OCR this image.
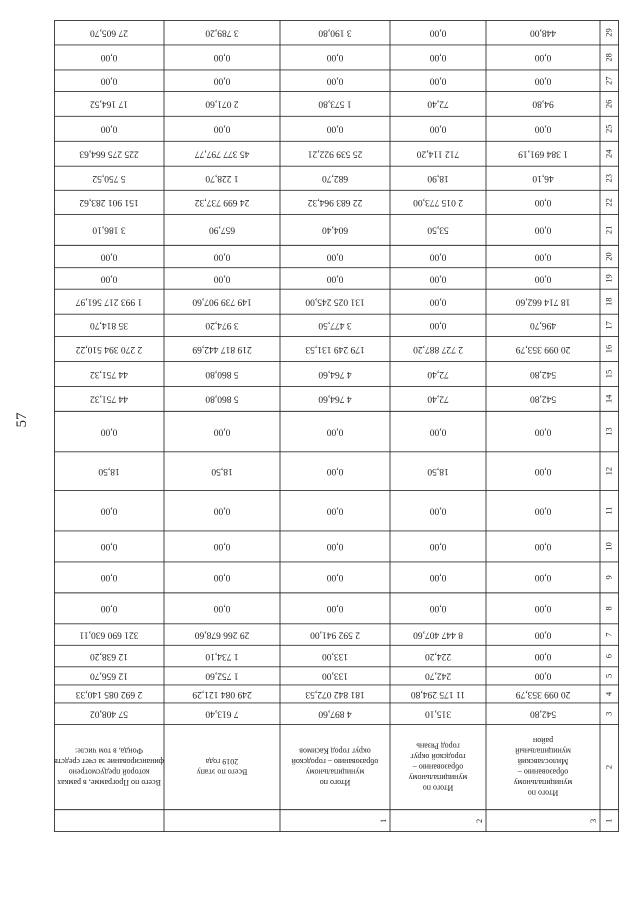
57
1
2
3
542,80
315,10
4 897,60
7 613,40
57 408,02
4
20 099 353,79
11 175 294,80
181 842 072,53
249 084 121,29
2 692 085 140,33
5
0,00
242,70
133,00
1 752,60
12 656,70
6
0,00
224,20
133,00
1 734,10
12 638,20
7
0,00
8 447 407,60
2 592 941,00
29 266 678,60
321 690 630,11
8
0,00
0,00
0,00
0,00
0,00
9
0,00
0,00
0,00
0,00
0,00
10
0,00
0,00
0,00
0,00
0,00
11
0,00
0,00
0,00
0,00
0,00
12
0,00
18,50
0,00
18,50
18,50
13
0,00
0,00
0,00
0,00
0,00
14
542,80
72,40
4 764,60
5 860,80
44 751,32
15
542,80
72,40
4 764,60
5 860,80
44 751,32
16
20 099 353,79
2 727 887,20
179 249 131,53
219 817 442,69
2 270 394 510,22
17
496,70
0,00
3 477,50
3 974,20
35 814,70
18
18 714 662,60
0,00
131 025 245,00
149 739 907,60
1 993 217 561,97
19
0,00
0,00
0,00
0,00
0,00
20
0,00
0,00
0,00
0,00
0,00
21
0,00
53,50
604,40
657,90
3 186,10
22
0,00
2 015 773,00
22 683 964,32
24 699 737,32
151 901 283,62
23
46,10
18,90
682,70
1 228,70
5 750,52
24
1 384 691,19
712 114,20
25 539 922,21
45 377 797,77
225 275 664,63
25
0,00
0,00
0,00
0,00
0,00
26
94,80
72,40
1 573,80
2 071,60
17 164,52
27
0,00
0,00
0,00
0,00
0,00
28
0,00
0,00
0,00
0,00
0,00
29
448,00
0,00
3 190,80
3 789,20
27 605,70
Итого по
муниципальному
образованию –
Милославский
муниципальный
район
3
Итого по
муниципальному
образованию –
городской округ
город Рязань
2
Итого по
муниципальному
образованию – городской
округ город Касимов
1
Всего по этапу
2019 года
Всего по Программе, в рамках
которой предусмотрено
финансирование за счет средств
Фонда, в том числе:
